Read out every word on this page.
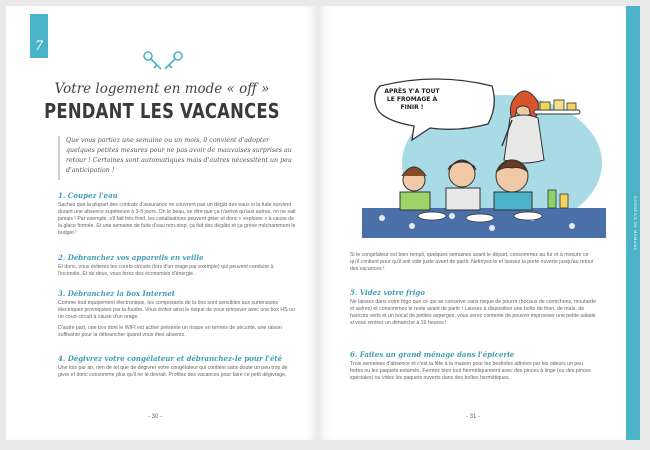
7
Votre logement en mode « off »
PENDANT LES VACANCES
Que vous partiez une semaine ou un mois, il convient d'adopter quelques petites mesures pour ne pas avoir de mauvaises surprises au retour ! Certaines sont automatiques mais d'autres nécessitent un peu d'anticipation !
1. Coupez l'eau

Sachez que la plupart des contrats d'assurance ne couvrent pas un dégât des eaux si la fuite survient durant une absence supérieure à 3-5 jours. On le beau, se dire que ça n'arrive qu'aux autres, on ne sait jamais ! Par exemple, s'il fait très froid, les canalisations peuvent geler et donc « exploser » à cause de la glace formée. Et une semaine de fuite d'eau non-stop, ça fait des dégâts et ça grève méchamment le budget !

2. Débranchez vos appareils en veille

Et donc, vous éviterez les courts-circuits (lors d'un orage par exemple) qui peuvent conduire à l'incendie. Et de deux, vous ferez des économies d'énergie.

3. Débranchez la box Internet

Comme tout équipement électronique, les composants de la box sont sensibles aux surtensions électriques provoquées par la foudre. Vous évitez ainsi le risque de vous retrouver avec une box HS ou un court-circuit à cause d'un orage.

D'autre part, une box dont le WIFI est activé présente un risque en termes de sécurité, une raison suffisante pour la débrancher quand vous êtes absents.

4. Dégivrez votre congélateur et débranchez-le pour l'été

Une fois par an, rien de tel que de dégivrer votre congélateur qui contient sans doute un peu trop de givre et donc consomme plus qu'il ne le devrait. Profitez des vacances pour faire ce petit dégivrage.

- 30 -
APRÈS Y'A TOUT LE FROMAGE À FINIR !

Si le congélateur est bien rempli, quelques semaines avant le départ, consommez au fur et à mesure ce qu'il contient pour qu'il soit vide juste avant de partir. Nettoyez-le et laissez la porte ouverte jusqu'au retour des vacances !

5. Videz votre frigo

Ne laissez dans votre frigo que ce qui se conserve sans risque de pourrir (bocaux de cornichons, moutarde et autres) et consommez le reste avant de partir ! Laissez à disposition une boîte de thon, de maïs, de haricots verts et un bocal de petites asperges, vous serez contente de pouvoir improviser une petite salade si vous rentrez un dimanche à 19 heures !

6. Faites un grand ménage dans l'épicerie

Trois semaines d'absence et c'est la fête à la maison pour les bestioles attirées par les odeurs un peu fortes ou les paquets entamés. Fermez bien tout hermétiquement avec des pinces à linge (ou des pinces spéciales) ou videz les paquets ouverts dans des boîtes hermétiques.

- 31 -
CONSEILS DE MAMANS
